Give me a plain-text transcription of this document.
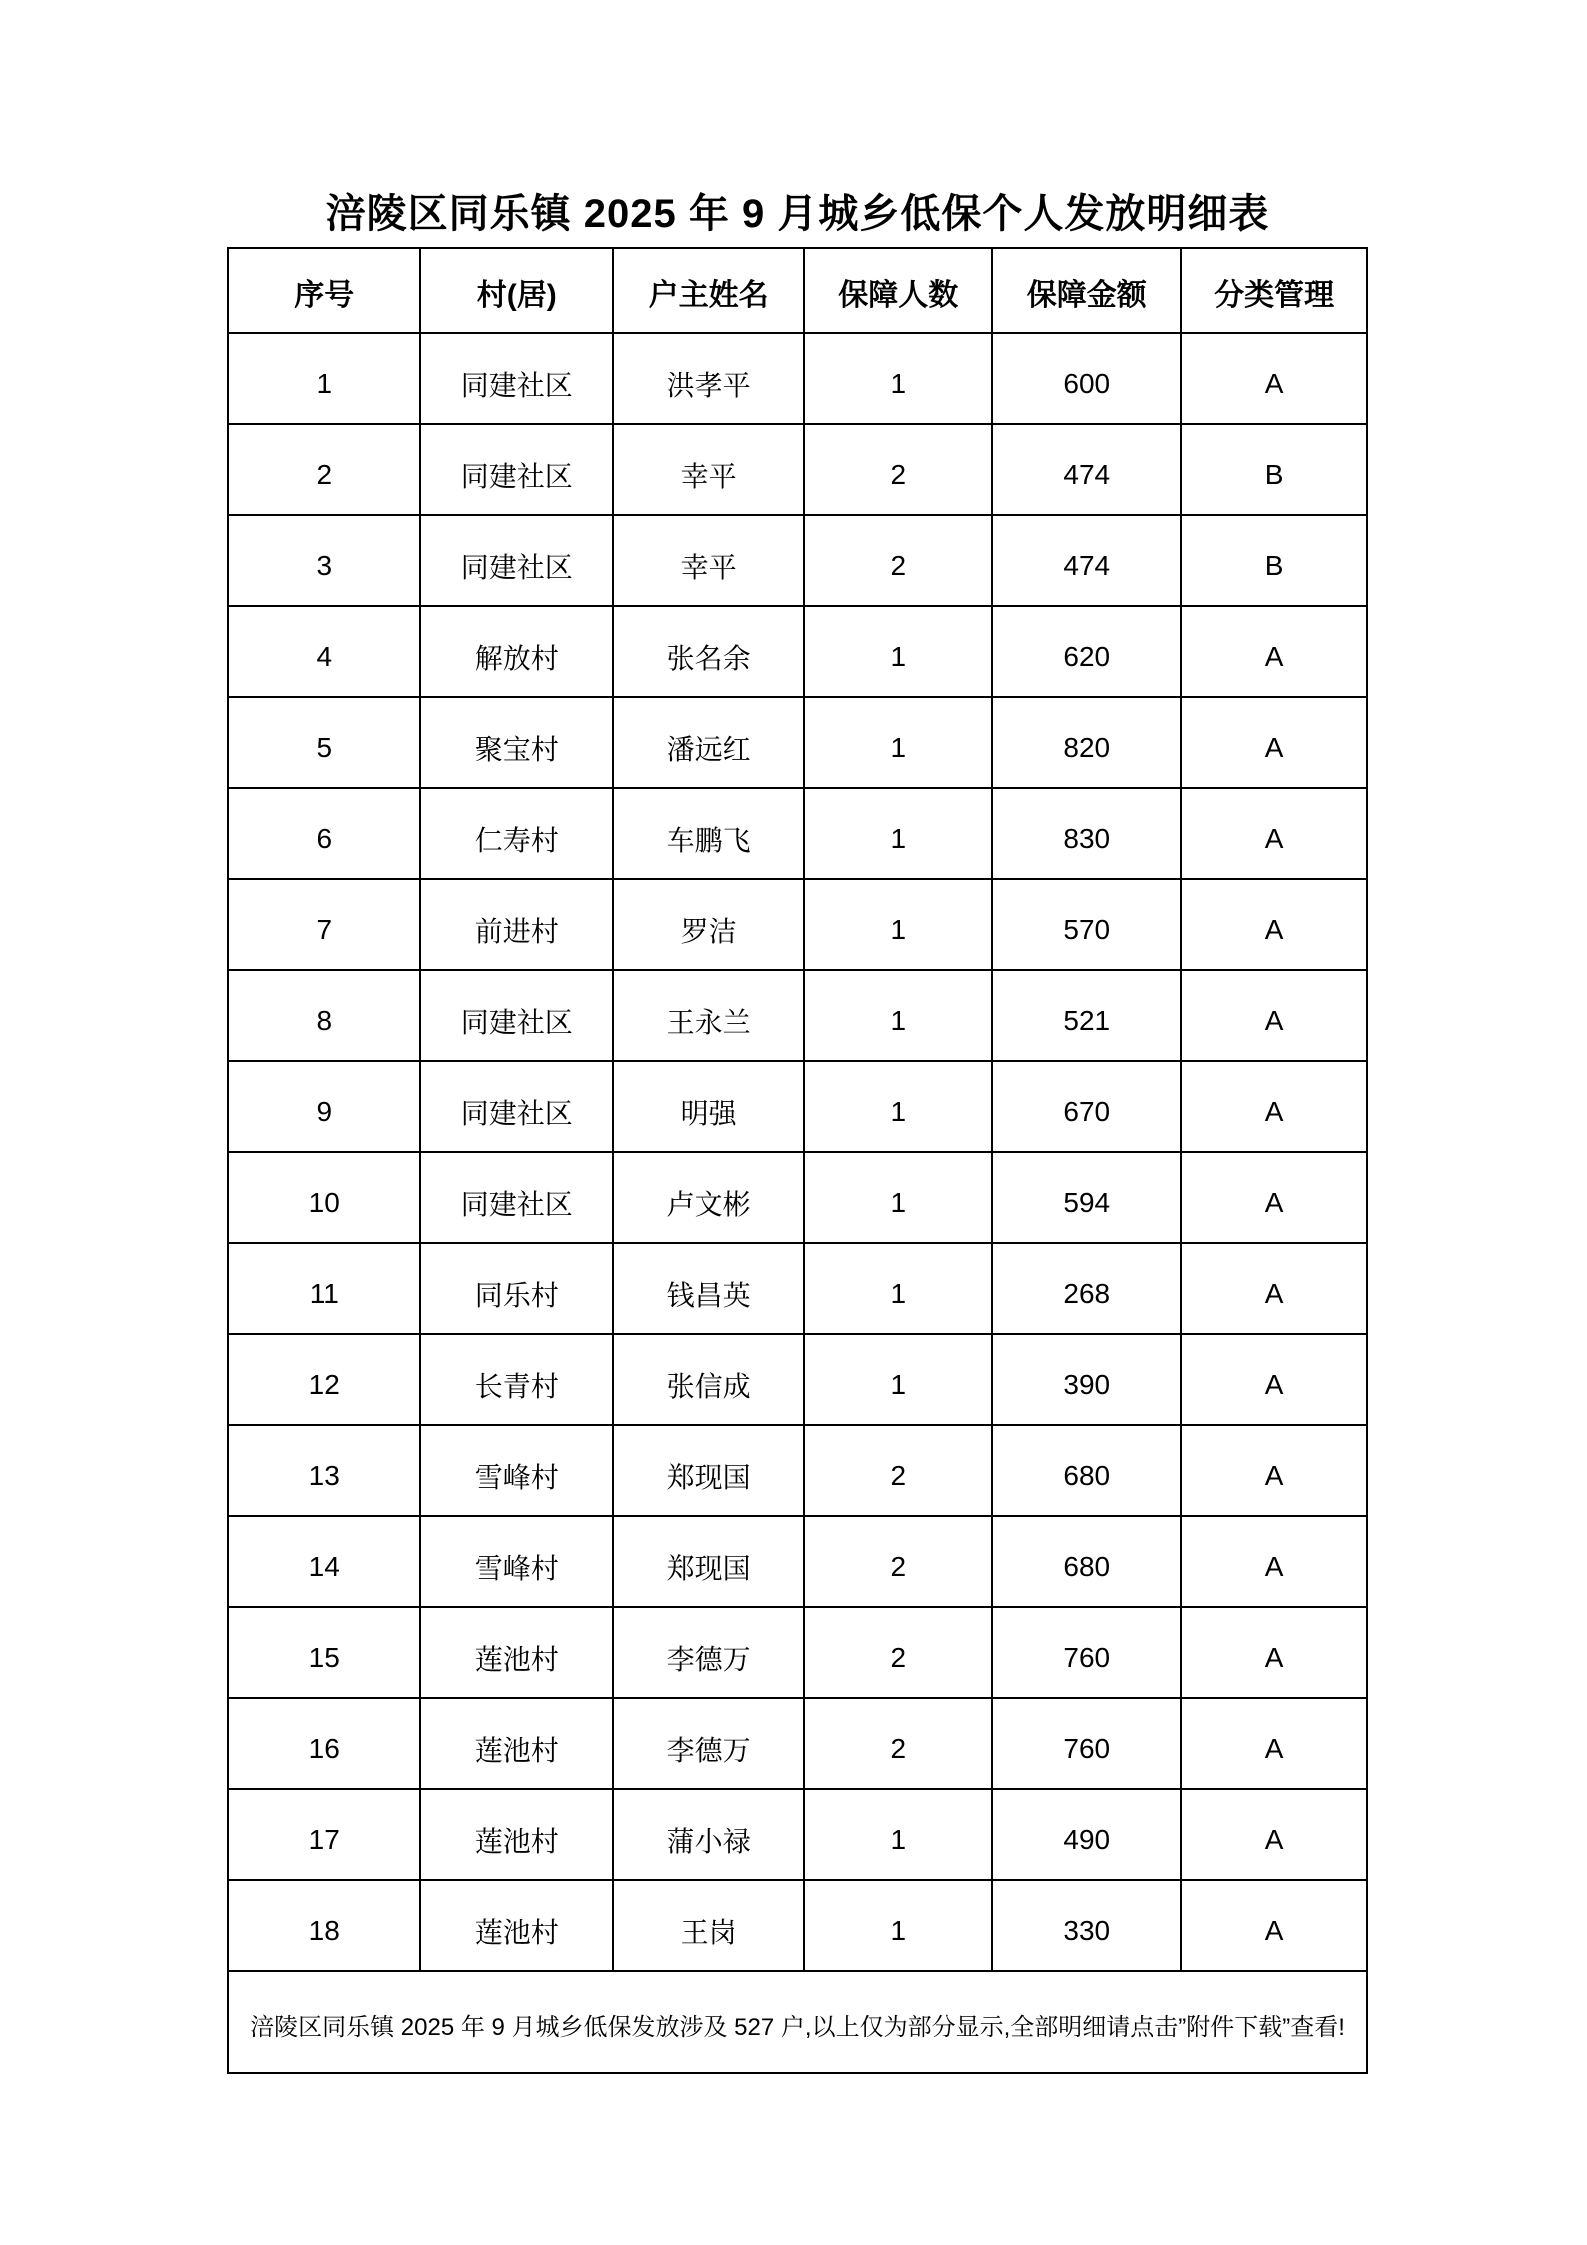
涪陵区同乐镇 2025 年 9 月城乡低保个人发放明细表
序号	村(居)	户主姓名	保障人数	保障金额	分类管理
1	同建社区	洪孝平	1	600	A
2	同建社区	幸平	2	474	B
3	同建社区	幸平	2	474	B
4	解放村	张名余	1	620	A
5	聚宝村	潘远红	1	820	A
6	仁寿村	车鹏飞	1	830	A
7	前进村	罗洁	1	570	A
8	同建社区	王永兰	1	521	A
9	同建社区	明强	1	670	A
10	同建社区	卢文彬	1	594	A
11	同乐村	钱昌英	1	268	A
12	长青村	张信成	1	390	A
13	雪峰村	郑现国	2	680	A
14	雪峰村	郑现国	2	680	A
15	莲池村	李德万	2	760	A
16	莲池村	李德万	2	760	A
17	莲池村	蒲小禄	1	490	A
18	莲池村	王岗	1	330	A
涪陵区同乐镇 2025 年 9 月城乡低保发放涉及 527 户,以上仅为部分显示,全部明细请点击”附件下载”查看!					
